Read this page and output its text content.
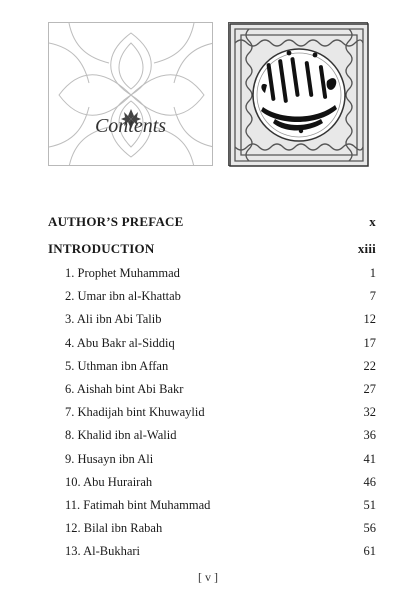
Contents
AUTHOR’S PREFACE	x
INTRODUCTION	xiii
1. Prophet Muhammad	1
2. Umar ibn al-Khattab	7
3. Ali ibn Abi Talib	12
4. Abu Bakr al-Siddiq	17
5. Uthman ibn Affan	22
6. Aishah bint Abi Bakr	27
7. Khadijah bint Khuwaylid	32
8. Khalid ibn al-Walid	36
9. Husayn ibn Ali	41
10. Abu Hurairah	46
11. Fatimah bint Muhammad	51
12. Bilal ibn Rabah	56
13. Al-Bukhari	61
[ v ]
